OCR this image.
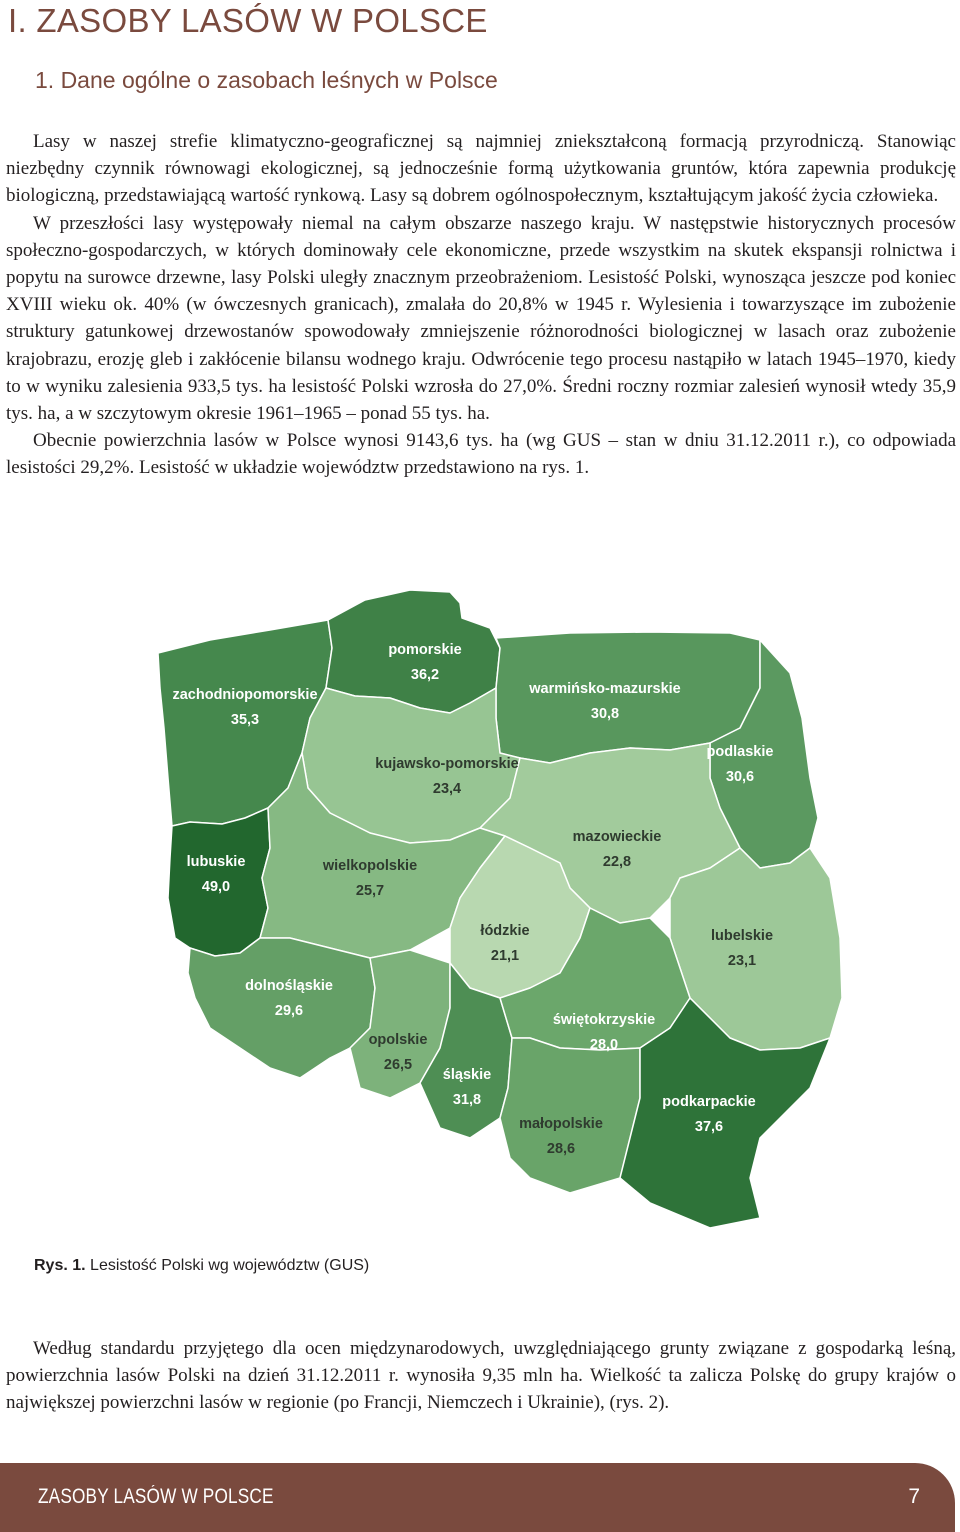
I. ZASOBY LASÓW W POLSCE
1. Dane ogólne o zasobach leśnych w Polsce

Lasy w naszej strefie klimatyczno-geograficznej są najmniej zniekształconą formacją przyrodniczą. Stanowiąc niezbędny czynnik równowagi ekologicznej, są jednocześnie formą użytkowania gruntów, która zapewnia produkcję biologiczną, przedstawiającą wartość rynkową. Lasy są dobrem ogólnospołecznym, kształtującym jakość życia człowieka.

W przeszłości lasy występowały niemal na całym obszarze naszego kraju. W następstwie historycznych procesów społeczno-gospodarczych, w których dominowały cele ekonomiczne, przede wszystkim na skutek ekspansji rolnictwa i popytu na surowce drzewne, lasy Polski uległy znacznym przeobrażeniom. Lesistość Polski, wynosząca jeszcze pod koniec XVIII wieku ok. 40% (w ówczesnych granicach), zmalała do 20,8% w 1945 r. Wylesienia i towarzyszące im zubożenie struktury gatunkowej drzewostanów spowodowały zmniejszenie różnorodności biologicznej w lasach oraz zubożenie krajobrazu, erozję gleb i zakłócenie bilansu wodnego kraju. Odwrócenie tego procesu nastąpiło w latach 1945–1970, kiedy to w wyniku zalesienia 933,5 tys. ha lesistość Polski wzrosła do 27,0%. Średni roczny rozmiar zalesień wynosił wtedy 35,9 tys. ha, a w szczytowym okresie 1961–1965 – ponad 55 tys. ha.

Obecnie powierzchnia lasów w Polsce wynosi 9143,6 tys. ha (wg GUS – stan w dniu 31.12.2011 r.), co odpowiada lesistości 29,2%. Lesistość w układzie województw przedstawiono na rys. 1.

zachodniopomorskie
35,3
pomorskie
36,2
warmińsko-mazurskie
30,8
podlaskie
30,6
kujawsko-pomorskie
23,4
lubuskie
49,0
wielkopolskie
25,7
mazowieckie
22,8
łódzkie
21,1
lubelskie
23,1
dolnośląskie
29,6
opolskie
26,5
śląskie
31,8
świętokrzyskie
28,0
małopolskie
28,6
podkarpackie
37,6
Rys. 1. Lesistość Polski wg województw (GUS)

Według standardu przyjętego dla ocen międzynarodowych, uwzględniającego grunty związane z gospodarką leśną, powierzchnia lasów Polski na dzień 31.12.2011 r. wynosiła 9,35 mln ha. Wielkość ta zalicza Polskę do grupy krajów o największej powierzchni lasów w regionie (po Francji, Niemczech i Ukrainie), (rys. 2).

ZASOBY LASÓW W POLSCE	7
